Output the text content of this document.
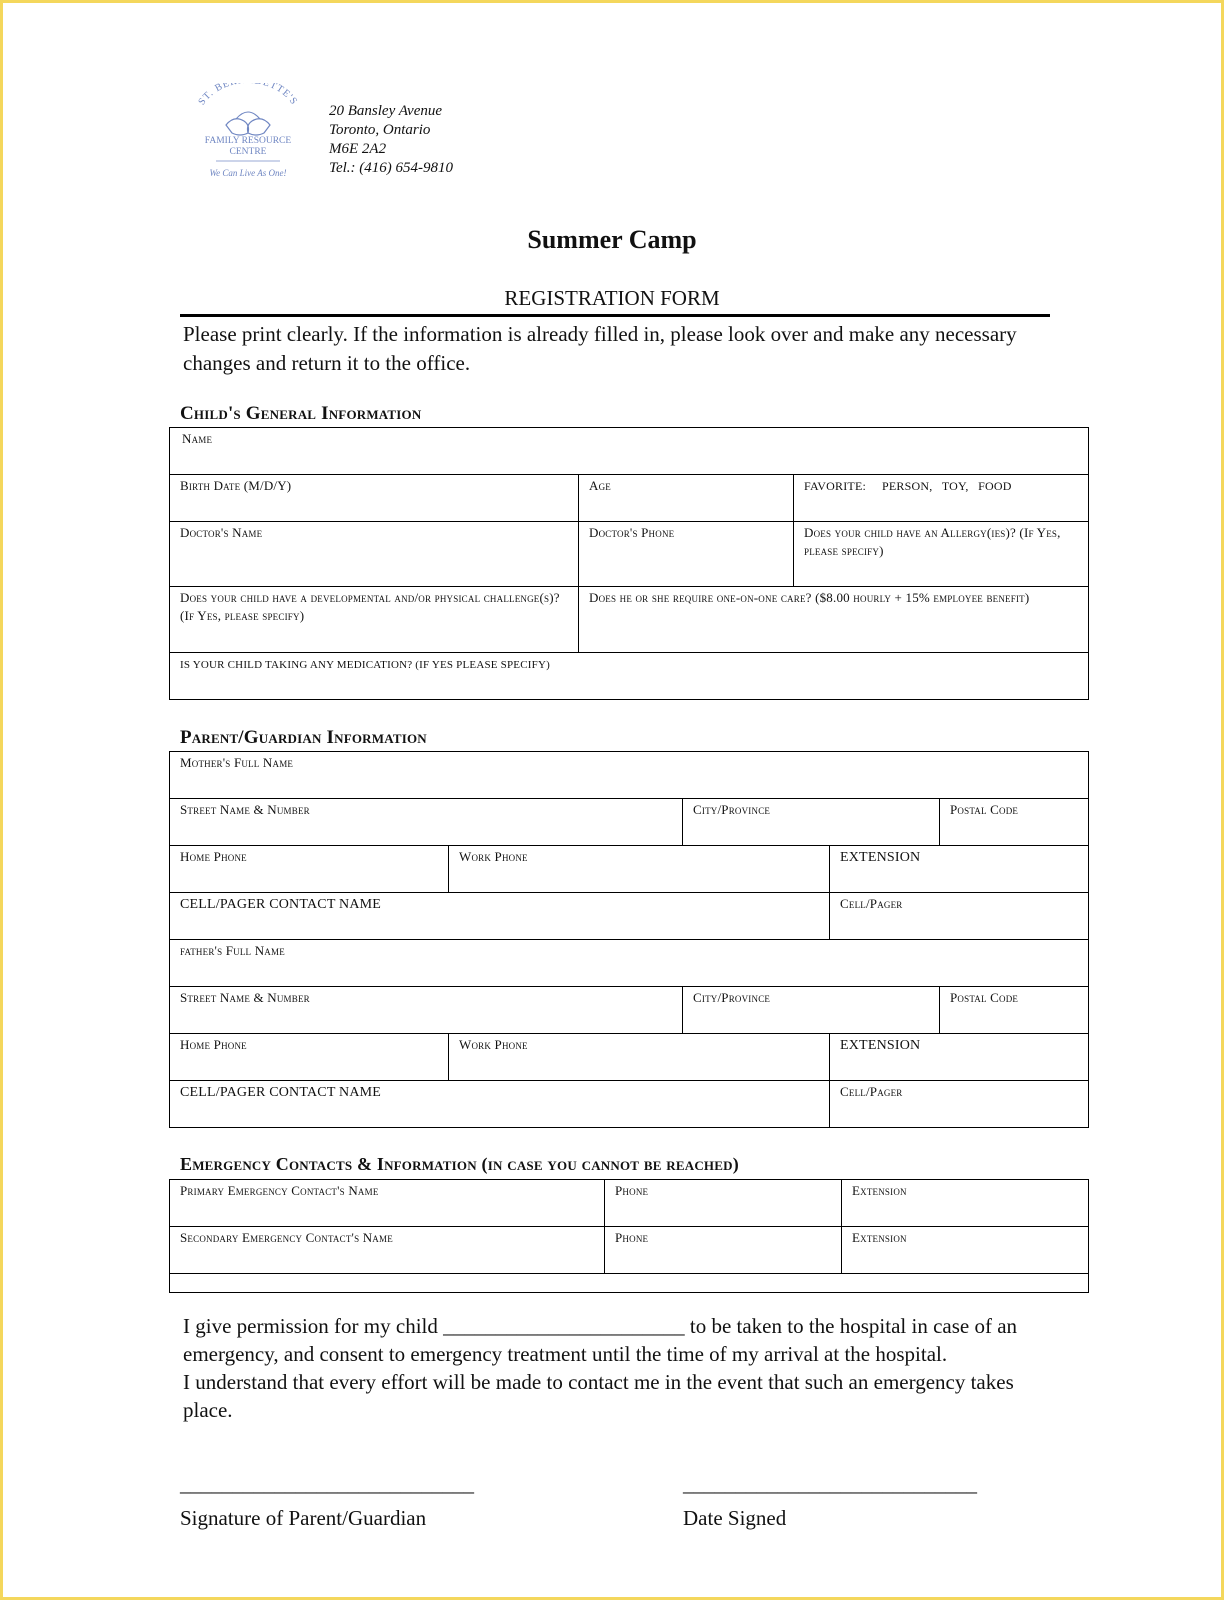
ST. BE ETTE'S
FAMILY RESOURCE
CENTRE
We Can Live As One!
20 Bansley Avenue
Toronto, Ontario
M6E 2A2
Tel.: (416) 654-9810
Summer Camp
REGISTRATION FORM
Please print clearly. If the information is already filled in, please look over and make any necessary changes and return it to the office.
Child's General Information
Name
Birth Date (M/D/Y)	Age	FAVORITE:     PERSON,   TOY,   FOOD
Doctor's Name	Doctor's Phone	Does your child have an Allergy(ies)? (If Yes, please specify)
Does your child have a developmental and/or physical challenge(s)? (If Yes, please specify)
Does he or she require one-on-one care? ($8.00 hourly + 15% employee benefit)
IS YOUR CHILD TAKING ANY MEDICATION? (IF YES PLEASE SPECIFY)
Parent/Guardian Information
Mother's Full Name
Street Name & Number	City/Province	Postal Code
Home Phone	Work Phone	EXTENSION
CELL/PAGER CONTACT NAME	Cell/Pager
father's Full Name
Street Name & Number	City/Province	Postal Code
Home Phone	Work Phone	EXTENSION
CELL/PAGER CONTACT NAME	Cell/Pager
Emergency Contacts & Information (in case you cannot be reached)
Primary Emergency Contact's Name	Phone	Extension
Secondary Emergency Contact's Name	Phone	Extension
I give permission for my child _______________________ to be taken to the hospital in case of an emergency, and consent to emergency treatment until the time of my arrival at the hospital.
I understand that every effort will be made to contact me in the event that such an emergency takes place.
____________________________
Signature of Parent/Guardian
____________________________
Date Signed
